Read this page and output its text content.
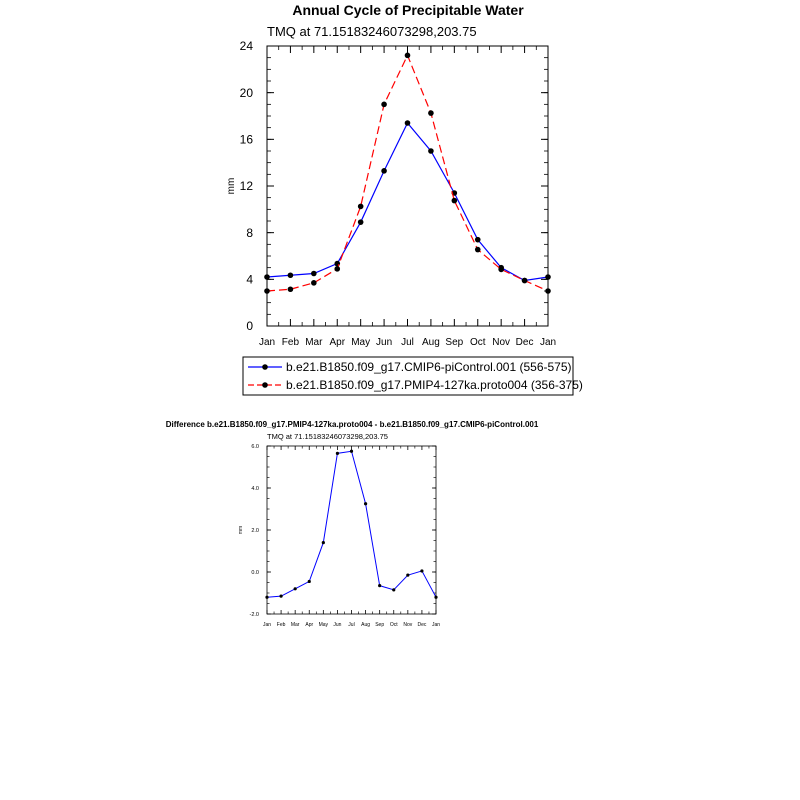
Annual Cycle of Precipitable Water
TMQ at 71.15183246073298,203.75
mm
0
4
8
12
16
20
24
Jan Feb Mar Apr May Jun Jul Aug Sep Oct Nov Dec Jan
b.e21.B1850.f09_g17.CMIP6-piControl.001 (556-575)
b.e21.B1850.f09_g17.PMIP4-127ka.proto004 (356-375)
Difference b.e21.B1850.f09_g17.PMIP4-127ka.proto004 - b.e21.B1850.f09_g17.CMIP6-piControl.001
TMQ at 71.15183246073298,203.75
mm
-2.0
0.0
2.0
4.0
6.0
Jan Feb Mar Apr May Jun Jul Aug Sep Oct Nov Dec Jan
